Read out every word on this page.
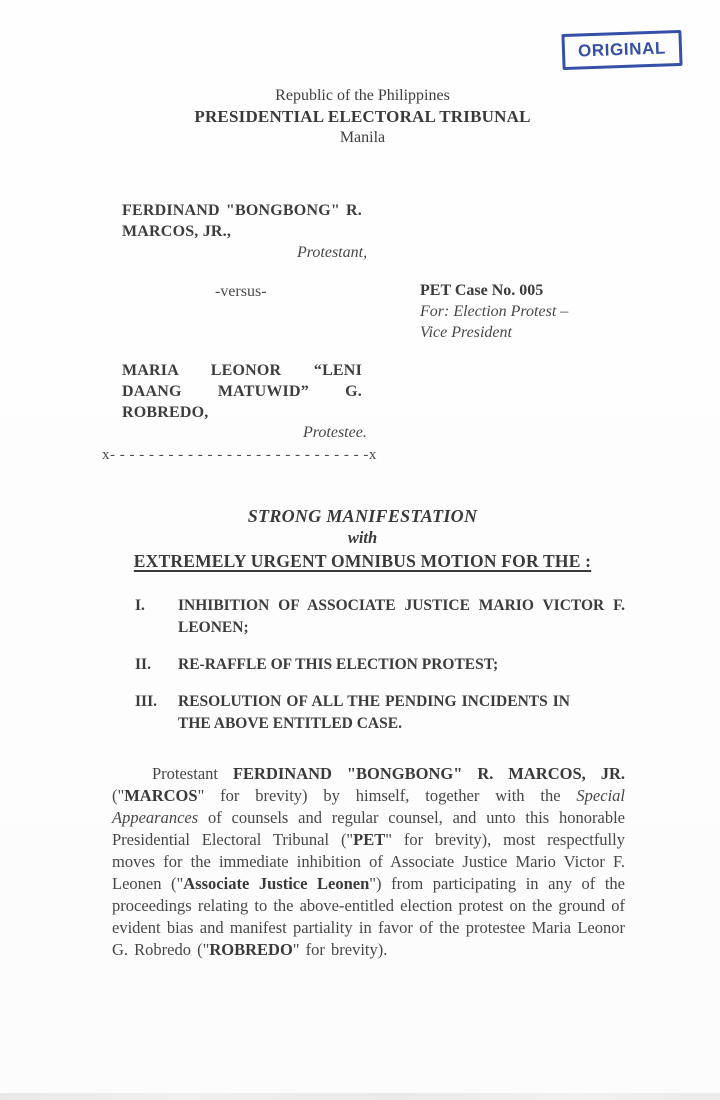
ORIGINAL
Republic of the Philippines
PRESIDENTIAL ELECTORAL TRIBUNAL
Manila
FERDINAND "BONGBONG" R. MARCOS, JR.,
Protestant,
-versus-	PET Case No. 005
For: Election Protest –
Vice President
MARIA LEONOR “LENI DAANG MATUWID” G. ROBREDO,
Protestee.
x- - - - - - - - - - - - - - - - - - - - - - - - - - -x
STRONG MANIFESTATION
with
EXTREMELY URGENT OMNIBUS MOTION FOR THE :
I. INHIBITION OF ASSOCIATE JUSTICE MARIO VICTOR F. LEONEN;
II. RE-RAFFLE OF THIS ELECTION PROTEST;
III. RESOLUTION OF ALL THE PENDING INCIDENTS IN THE ABOVE ENTITLED CASE.

Protestant FERDINAND "BONGBONG" R. MARCOS, JR. ("MARCOS" for brevity) by himself, together with the Special Appearances of counsels and regular counsel, and unto this honorable Presidential Electoral Tribunal ("PET" for brevity), most respectfully moves for the immediate inhibition of Associate Justice Mario Victor F. Leonen ("Associate Justice Leonen") from participating in any of the proceedings relating to the above-entitled election protest on the ground of evident bias and manifest partiality in favor of the protestee Maria Leonor G. Robredo ("ROBREDO" for brevity).
